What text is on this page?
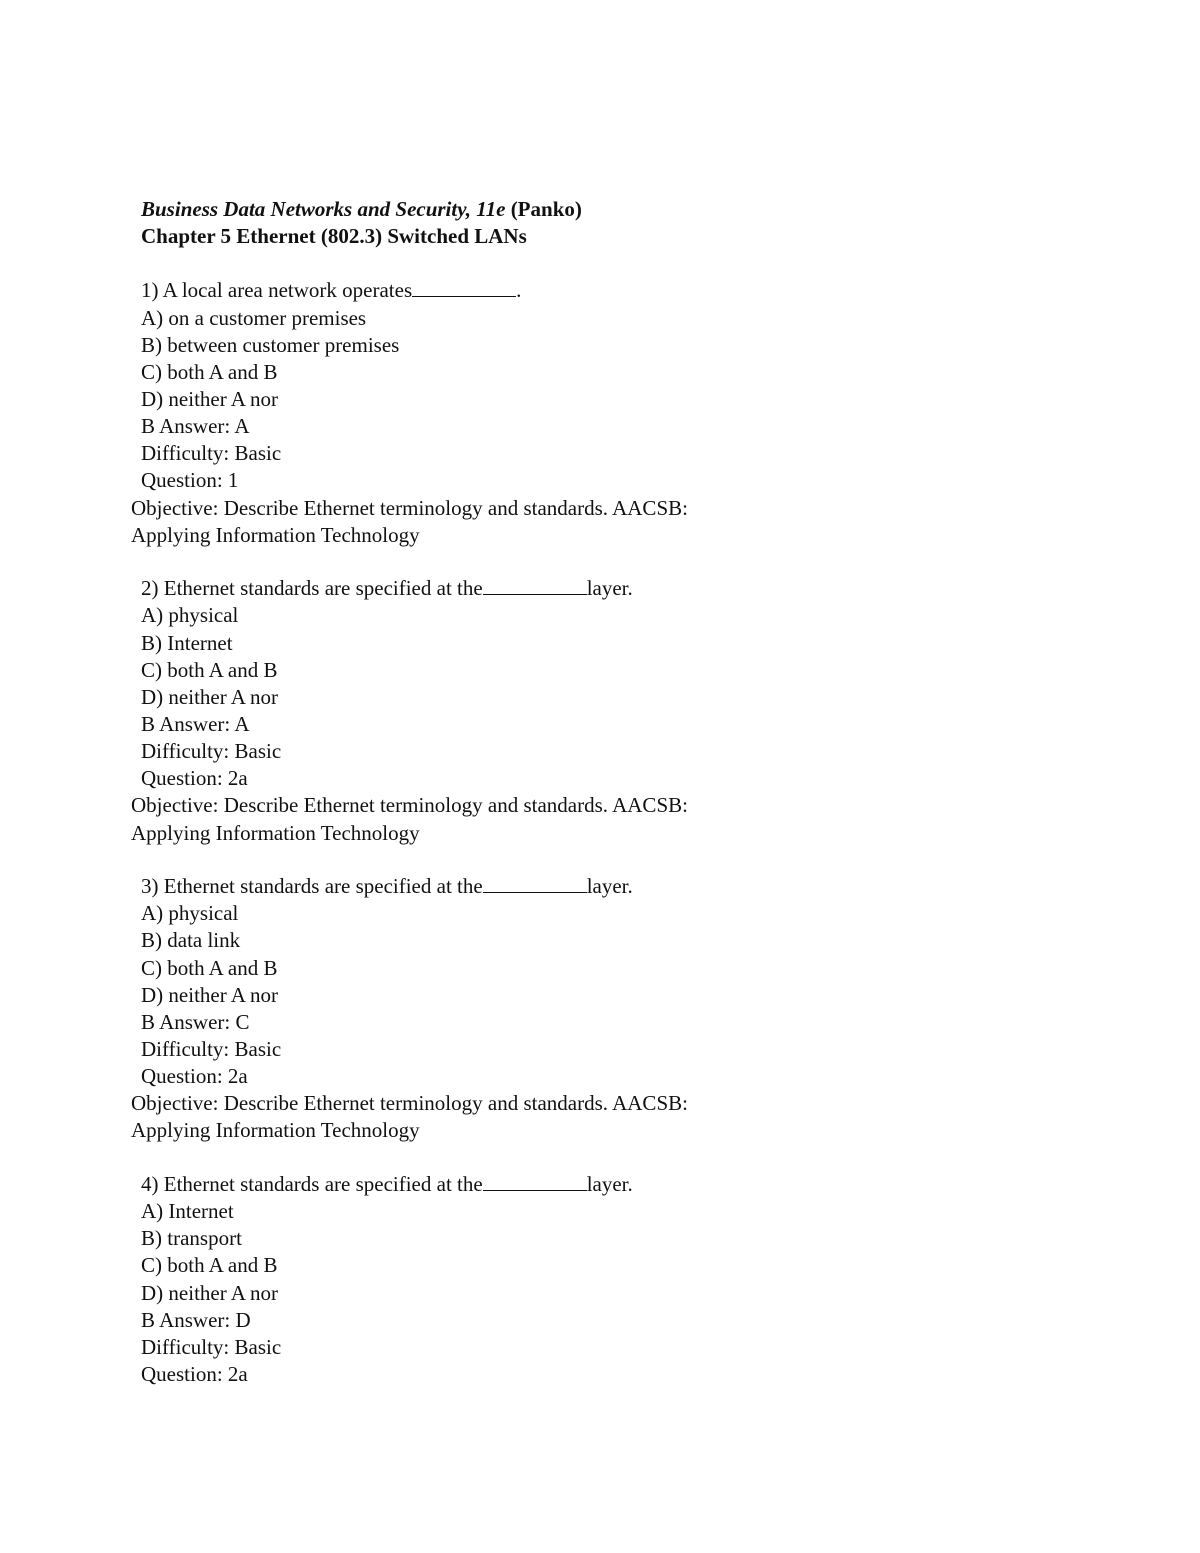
Business Data Networks and Security, 11e (Panko)
Chapter 5 Ethernet (802.3) Switched LANs
1) A local area network operates	.
A) on a customer premises
B) between customer premises
C) both A and B
D) neither A nor
B Answer: A
Difficulty: Basic
Question: 1
Objective: Describe Ethernet terminology and standards. AACSB:
Applying Information Technology
2) Ethernet standards are specified at the	layer.
A) physical
B) Internet
C) both A and B
D) neither A nor
B Answer: A
Difficulty: Basic
Question: 2a
Objective: Describe Ethernet terminology and standards. AACSB:
Applying Information Technology
3) Ethernet standards are specified at the	layer.
A) physical
B) data link
C) both A and B
D) neither A nor
B Answer: C
Difficulty: Basic
Question: 2a
Objective: Describe Ethernet terminology and standards. AACSB:
Applying Information Technology
4) Ethernet standards are specified at the	layer.
A) Internet
B) transport
C) both A and B
D) neither A nor
B Answer: D
Difficulty: Basic
Question: 2a
